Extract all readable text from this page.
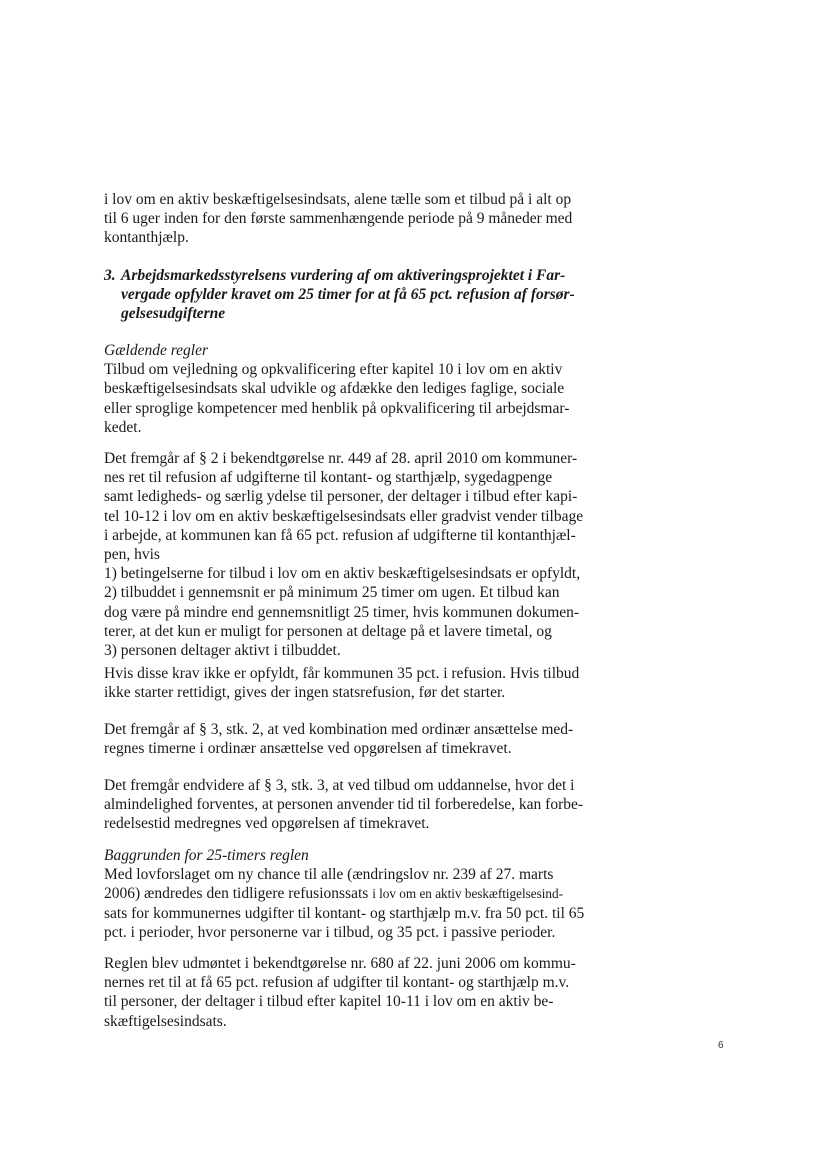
i lov om en aktiv beskæftigelsesindsats, alene tælle som et tilbud på i alt op
til 6 uger inden for den første sammenhængende periode på 9 måneder med
kontanthjælp.

3. Arbejdsmarkedsstyrelsens vurdering af om aktiveringsprojektet i Far-
vergade opfylder kravet om 25 timer for at få 65 pct. refusion af forsør-
gelsesudgifterne
Gældende regler
Tilbud om vejledning og opkvalificering efter kapitel 10 i lov om en aktiv
beskæftigelsesindsats skal udvikle og afdække den lediges faglige, sociale
eller sproglige kompetencer med henblik på opkvalificering til arbejdsmar-
kedet.

Det fremgår af § 2 i bekendtgørelse nr. 449 af 28. april 2010 om kommuner-
nes ret til refusion af udgifterne til kontant- og starthjælp, sygedagpenge
samt ledigheds- og særlig ydelse til personer, der deltager i tilbud efter kapi-
tel 10-12 i lov om en aktiv beskæftigelsesindsats eller gradvist vender tilbage
i arbejde, at kommunen kan få 65 pct. refusion af udgifterne til kontanthjæl-
pen, hvis
1) betingelserne for tilbud i lov om en aktiv beskæftigelsesindsats er opfyldt,
2) tilbuddet i gennemsnit er på minimum 25 timer om ugen. Et tilbud kan
dog være på mindre end gennemsnitligt 25 timer, hvis kommunen dokumen-
terer, at det kun er muligt for personen at deltage på et lavere timetal, og
3) personen deltager aktivt i tilbuddet.

Hvis disse krav ikke er opfyldt, får kommunen 35 pct. i refusion. Hvis tilbud
ikke starter rettidigt, gives der ingen statsrefusion, før det starter.

Det fremgår af § 3, stk. 2, at ved kombination med ordinær ansættelse med-
regnes timerne i ordinær ansættelse ved opgørelsen af timekravet.

Det fremgår endvidere af § 3, stk. 3, at ved tilbud om uddannelse, hvor det i
almindelighed forventes, at personen anvender tid til forberedelse, kan forbe-
redelsestid medregnes ved opgørelsen af timekravet.

Baggrunden for 25-timers reglen
Med lovforslaget om ny chance til alle (ændringslov nr. 239 af 27. marts
2006) ændredes den tidligere refusionssats i lov om en aktiv beskæftigelsesind-
sats for kommunernes udgifter til kontant- og starthjælp m.v. fra 50 pct. til 65
pct. i perioder, hvor personerne var i tilbud, og 35 pct. i passive perioder.

Reglen blev udmøntet i bekendtgørelse nr. 680 af 22. juni 2006 om kommu-
nernes ret til at få 65 pct. refusion af udgifter til kontant- og starthjælp m.v.
til personer, der deltager i tilbud efter kapitel 10-11 i lov om en aktiv be-
skæftigelsesindsats.

6
